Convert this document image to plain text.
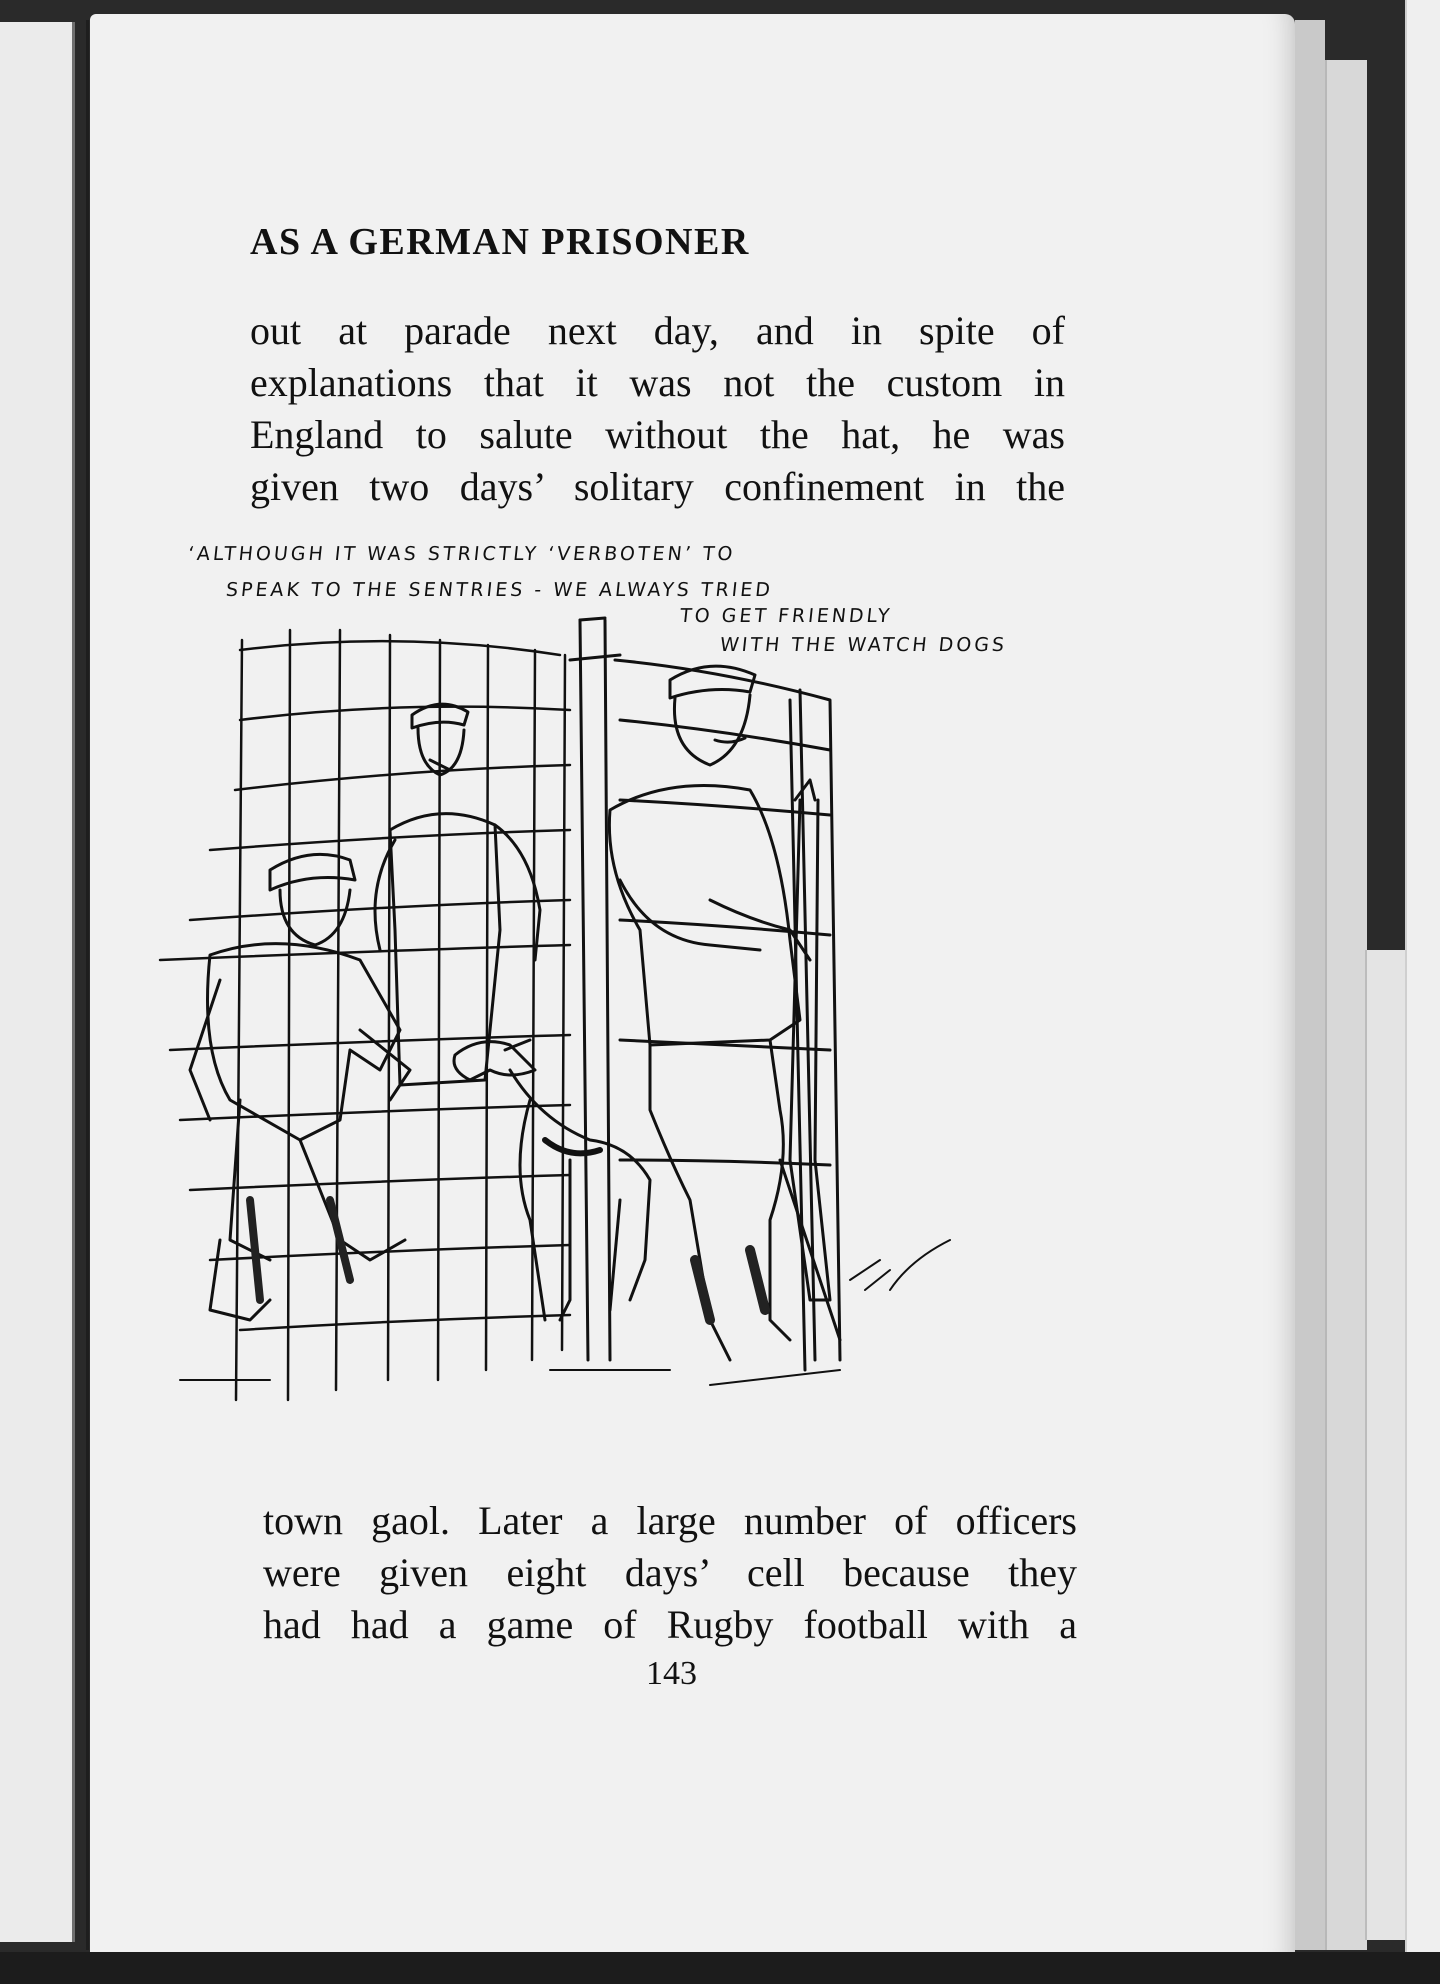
AS A GERMAN PRISONER
out at parade next day, and in spite of
explanations that it was not the custom in
England to salute without the hat, he was
given two days’ solitary confinement in the
‘ALTHOUGH IT WAS STRICTLY ‘VERBOTEN’ TO
SPEAK TO THE SENTRIES - WE ALWAYS TRIED
TO GET FRIENDLY
WITH THE WATCH DOGS
town gaol. Later a large number of officers
were given eight days’ cell because they
had had a game of Rugby football with a
143
